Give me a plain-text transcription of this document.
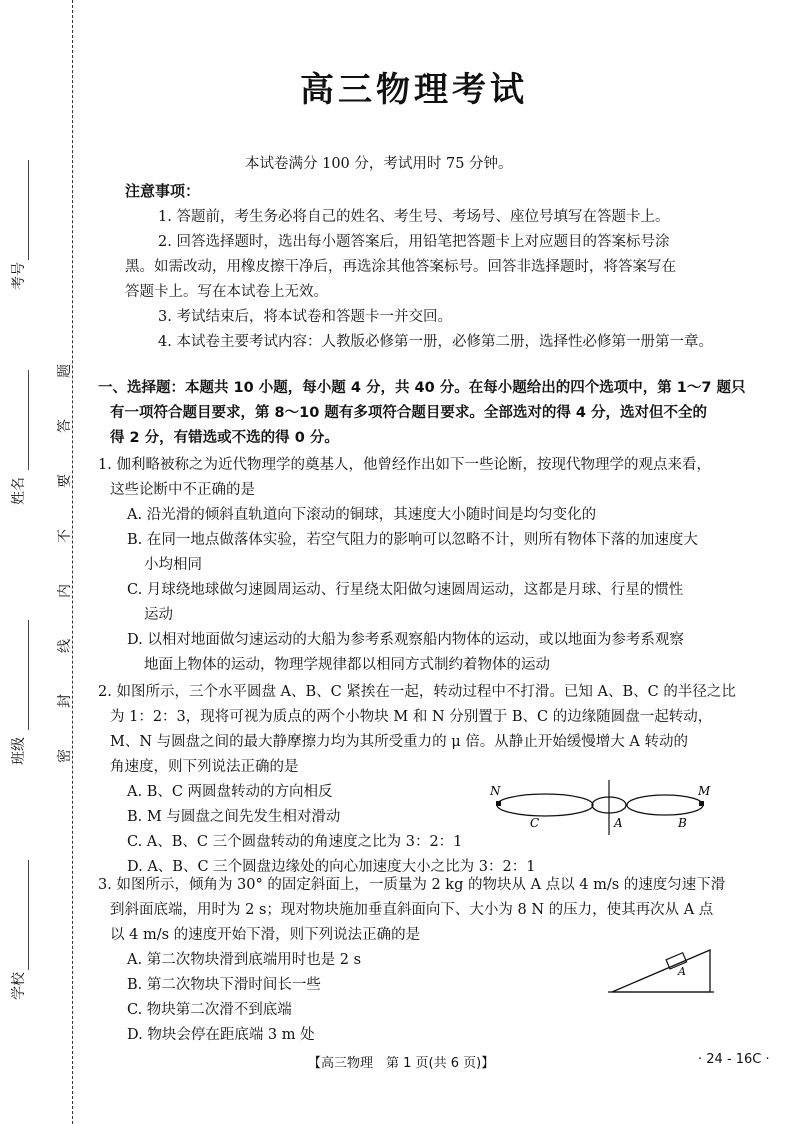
考号
姓名
班级
学校
题
答
要
不
内
线
封
密
高三物理考试
本试卷满分 100 分，考试用时 75 分钟。
注意事项：
1. 答题前，考生务必将自己的姓名、考生号、考场号、座位号填写在答题卡上。
2. 回答选择题时，选出每小题答案后，用铅笔把答题卡上对应题目的答案标号涂
黑。如需改动，用橡皮擦干净后，再选涂其他答案标号。回答非选择题时，将答案写在
答题卡上。写在本试卷上无效。
3. 考试结束后，将本试卷和答题卡一并交回。
4. 本试卷主要考试内容：人教版必修第一册，必修第二册，选择性必修第一册第一章。
一、选择题：本题共 10 小题，每小题 4 分，共 40 分。在每小题给出的四个选项中，第 1～7 题只
有一项符合题目要求，第 8～10 题有多项符合题目要求。全部选对的得 4 分，选对但不全的
得 2 分，有错选或不选的得 0 分。
1. 伽利略被称之为近代物理学的奠基人，他曾经作出如下一些论断，按现代物理学的观点来看，
这些论断中不正确的是
A. 沿光滑的倾斜直轨道向下滚动的铜球，其速度大小随时间是均匀变化的
B. 在同一地点做落体实验，若空气阻力的影响可以忽略不计，则所有物体下落的加速度大
小均相同
C. 月球绕地球做匀速圆周运动、行星绕太阳做匀速圆周运动，这都是月球、行星的惯性
运动
D. 以相对地面做匀速运动的大船为参考系观察船内物体的运动，或以地面为参考系观察
地面上物体的运动，物理学规律都以相同方式制约着物体的运动
2. 如图所示，三个水平圆盘 A、B、C 紧挨在一起，转动过程中不打滑。已知 A、B、C 的半径之比
为 1：2：3，现将可视为质点的两个小物块 M 和 N 分别置于 B、C 的边缘随圆盘一起转动，
M、N 与圆盘之间的最大静摩擦力均为其所受重力的 μ 倍。从静止开始缓慢增大 A 转动的
角速度，则下列说法正确的是
A. B、C 两圆盘转动的方向相反
B. M 与圆盘之间先发生相对滑动
C. A、B、C 三个圆盘转动的角速度之比为 3：2：1
D. A、B、C 三个圆盘边缘处的向心加速度大小之比为 3：2：1
N	M
C	A	B
3. 如图所示，倾角为 30° 的固定斜面上，一质量为 2 kg 的物块从 A 点以 4 m/s 的速度匀速下滑
到斜面底端，用时为 2 s；现对物块施加垂直斜面向下、大小为 8 N 的压力，使其再次从 A 点
以 4 m/s 的速度开始下滑，则下列说法正确的是
A. 第二次物块滑到底端用时也是 2 s
B. 第二次物块下滑时间长一些
C. 物块第二次滑不到底端
D. 物块会停在距底端 3 m 处
A
【高三物理　第 1 页(共 6 页)】	· 24 - 16C ·
